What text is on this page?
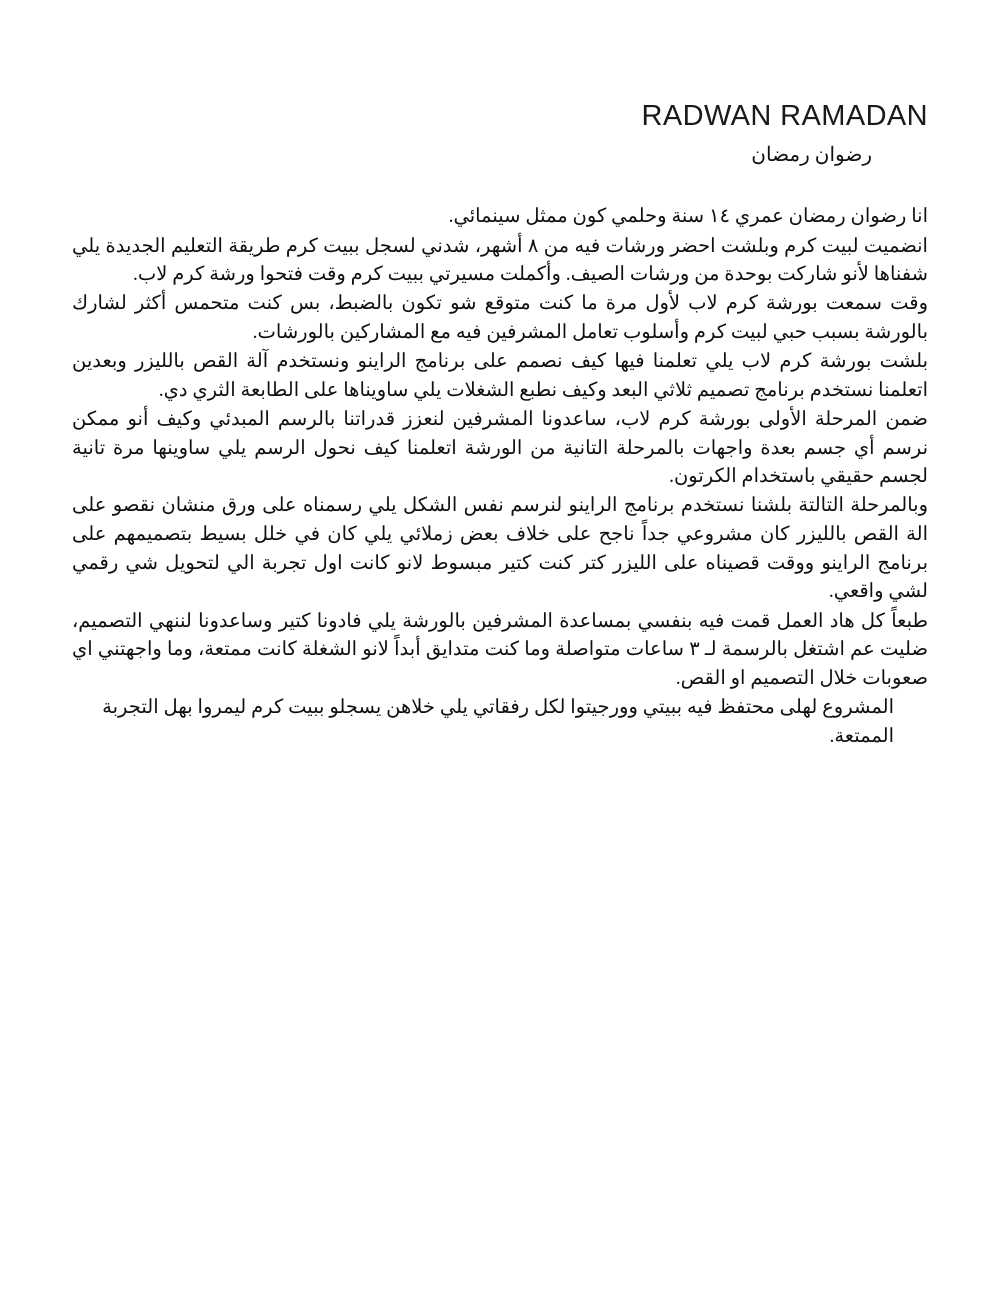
RADWAN RAMADAN
رضوان رمضان

انا رضوان رمضان عمري ١٤ سنة وحلمي كون ممثل سينمائي.

انضميت لبيت كرم وبلشت احضر ورشات فيه من ٨ أشهر، شدني لسجل ببيت كرم طريقة التعليم الجديدة يلي شفناها لأنو شاركت بوحدة من ورشات الصيف. وأكملت مسيرتي ببيت كرم وقت فتحوا ورشة كرم لاب.

وقت سمعت بورشة كرم لاب لأول مرة ما كنت متوقع شو تكون بالضبط، بس كنت متحمس أكثر لشارك بالورشة بسبب حبي لبيت كرم وأسلوب تعامل المشرفين فيه مع المشاركين بالورشات.

بلشت بورشة كرم لاب يلي تعلمنا فيها كيف نصمم على برنامج الراينو ونستخدم آلة القص بالليزر وبعدين اتعلمنا نستخدم برنامج تصميم ثلاثي البعد وكيف نطبع الشغلات يلي ساويناها على الطابعة الثري دي.

ضمن المرحلة الأولى بورشة كرم لاب، ساعدونا المشرفين لنعزز قدراتنا بالرسم المبدئي وكيف أنو ممكن نرسم أي جسم بعدة واجهات بالمرحلة التانية من الورشة اتعلمنا كيف نحول الرسم يلي ساوينها مرة تانية لجسم حقيقي باستخدام الكرتون.

وبالمرحلة التالتة بلشنا نستخدم برنامج الراينو لنرسم نفس الشكل يلي رسمناه على ورق منشان نقصو على الة القص بالليزر كان مشروعي جداً ناجح على خلاف بعض زملائي يلي كان في خلل بسيط بتصميمهم على برنامج الراينو ووقت قصيناه على الليزر كتر كنت كتير مبسوط لانو كانت اول تجربة الي لتحويل شي رقمي لشي واقعي.

طبعاً كل هاد العمل قمت فيه بنفسي بمساعدة المشرفين بالورشة يلي فادونا كتير وساعدونا لننهي التصميم، ضليت عم اشتغل بالرسمة لـ ٣ ساعات متواصلة وما كنت متدايق أبداً لانو الشغلة كانت ممتعة، وما واجهتني اي صعوبات خلال التصميم او القص.

المشروع لهلى محتفظ فيه ببيتي وورجيتوا لكل رفقاتي يلي خلاهن يسجلو ببيت كرم ليمروا بهل التجربة الممتعة.
